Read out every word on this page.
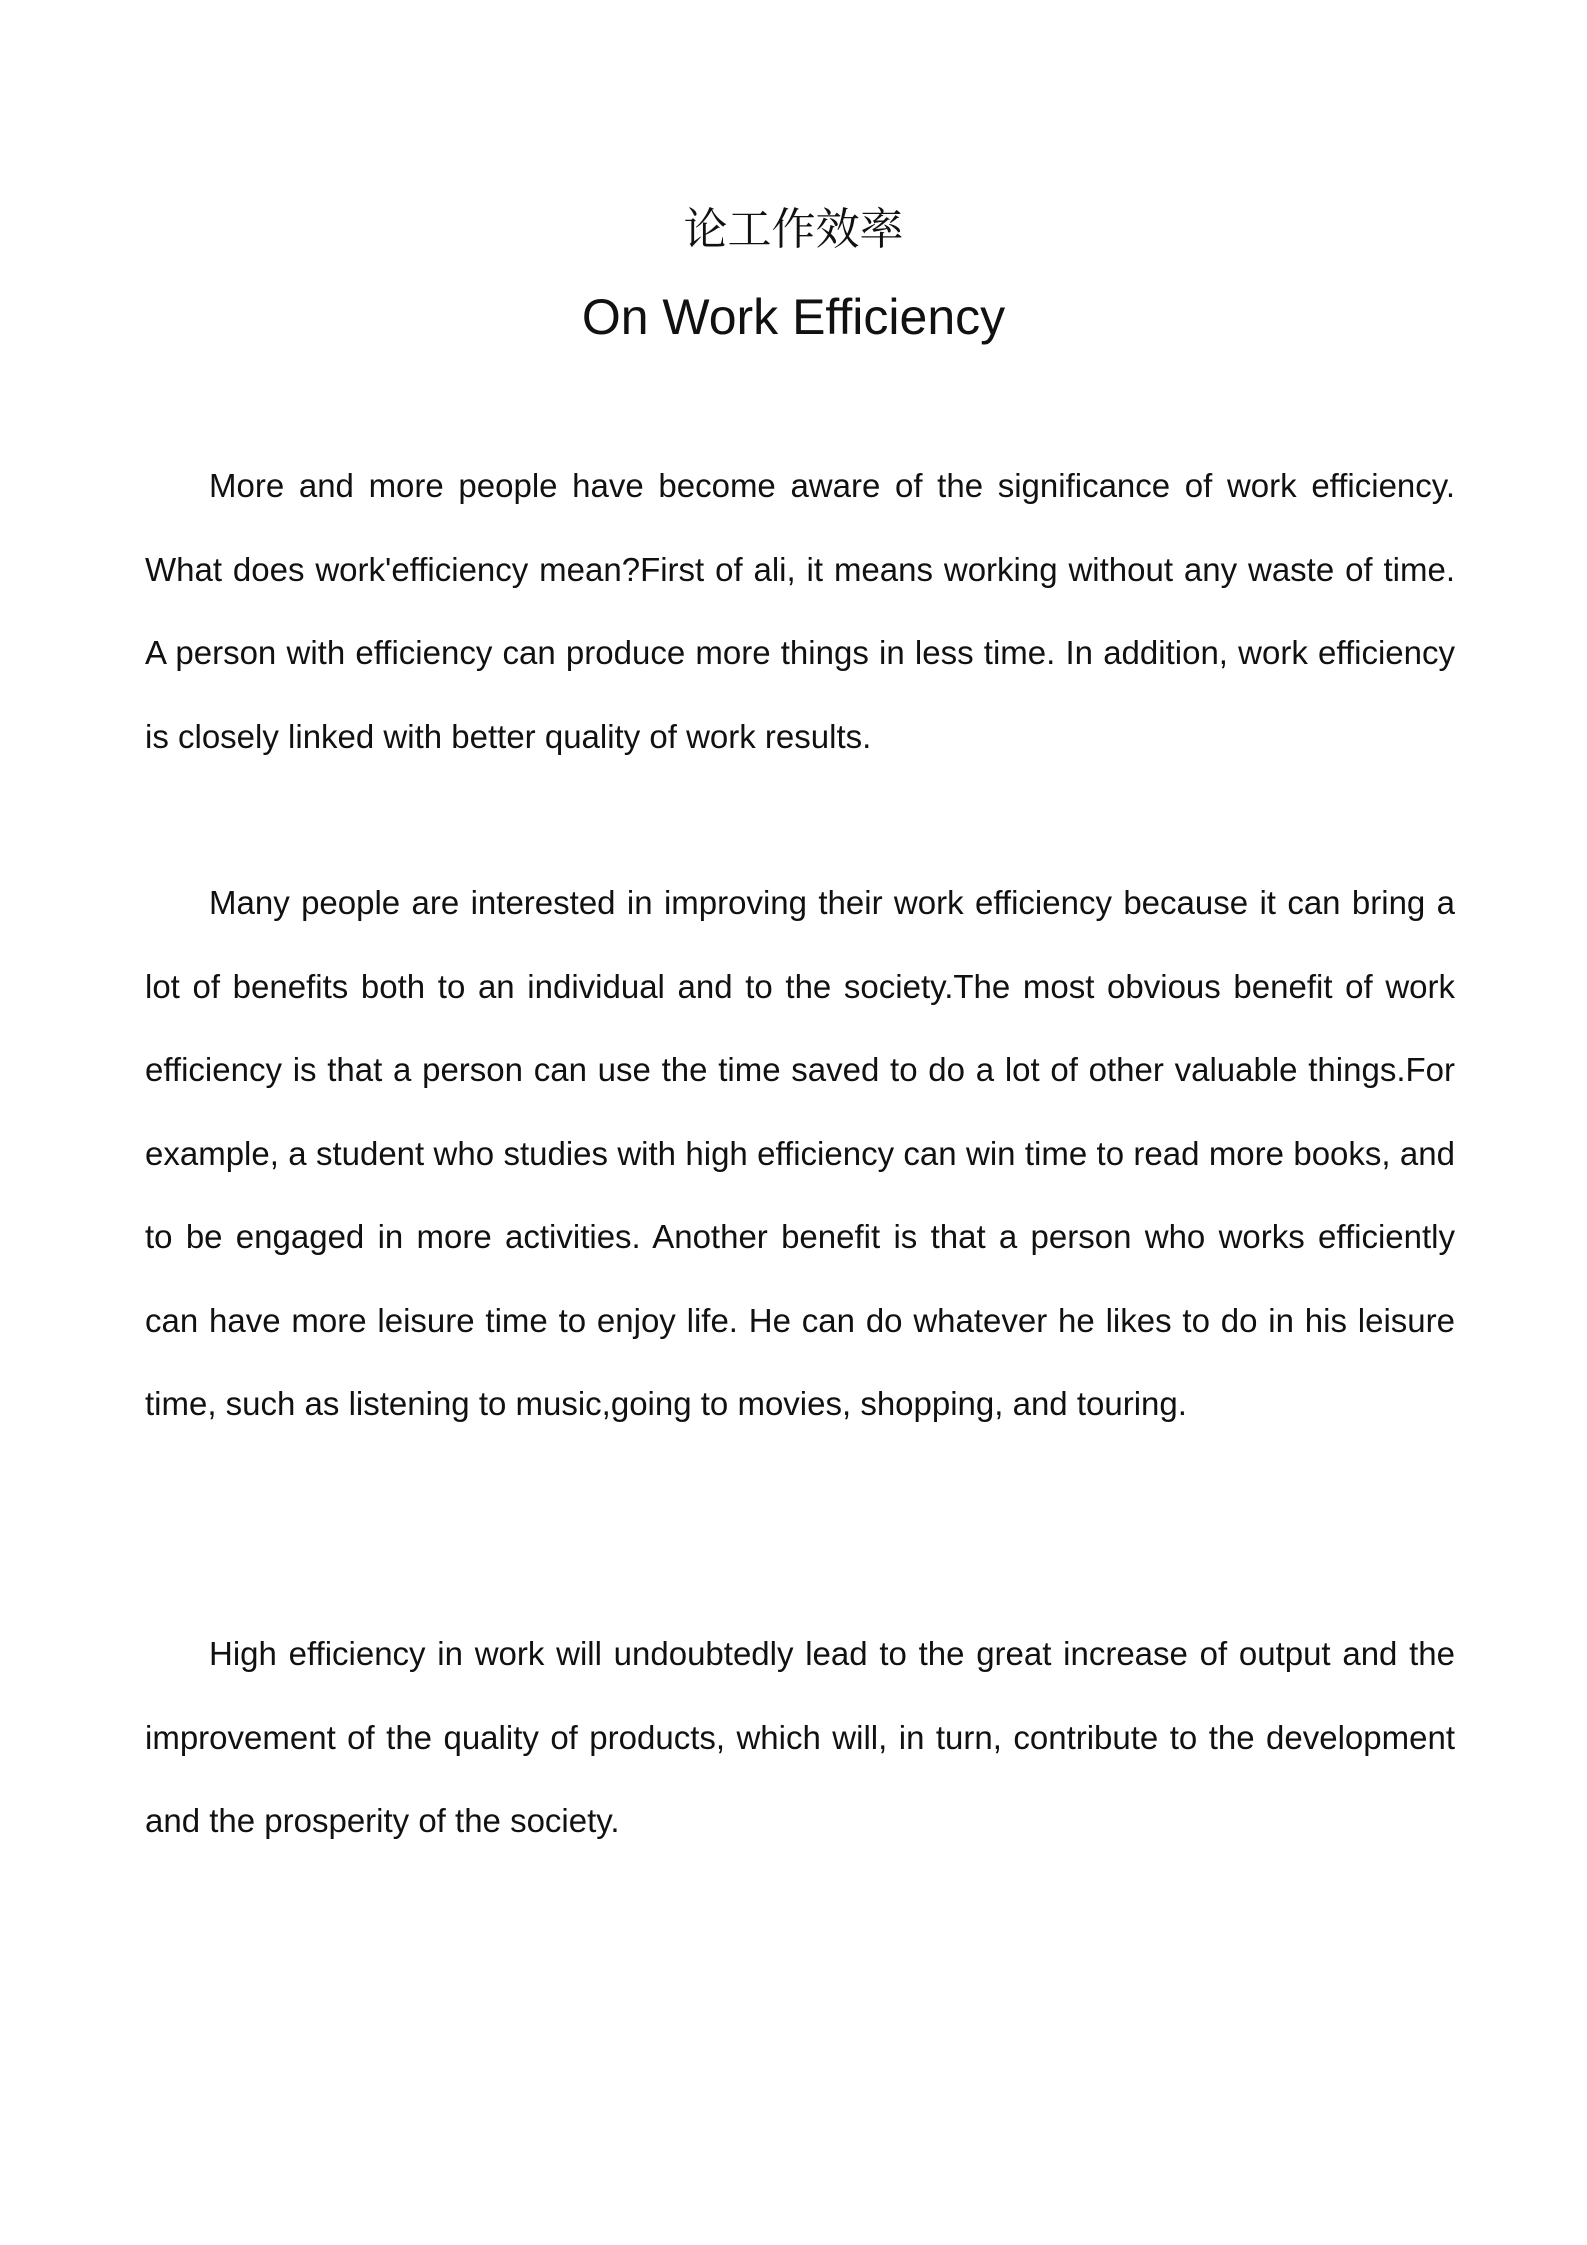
论工作效率
On Work Efficiency

More and more people have become aware of the significance of work efficiency. What does work'efficiency mean?First of ali, it means working without any waste of time. A person with efficiency can produce more things in less time. In addition, work efficiency is closely linked with better quality of work results.

Many people are interested in improving their work efficiency because it can bring a lot of benefits both to an individual and to the society.The most obvious benefit of work efficiency is that a person can use the time saved to do a lot of other valuable things.For example, a student who studies with high efficiency can win time to read more books, and to be engaged in more activities. Another benefit is that a person who works efficiently can have more leisure time to enjoy life. He can do whatever he likes to do in his leisure time, such as listening to music,going to movies, shopping, and touring.

High efficiency in work will undoubtedly lead to the great increase of output and the improvement of the quality of products, which will, in turn, contribute to the development and the prosperity of the society.
